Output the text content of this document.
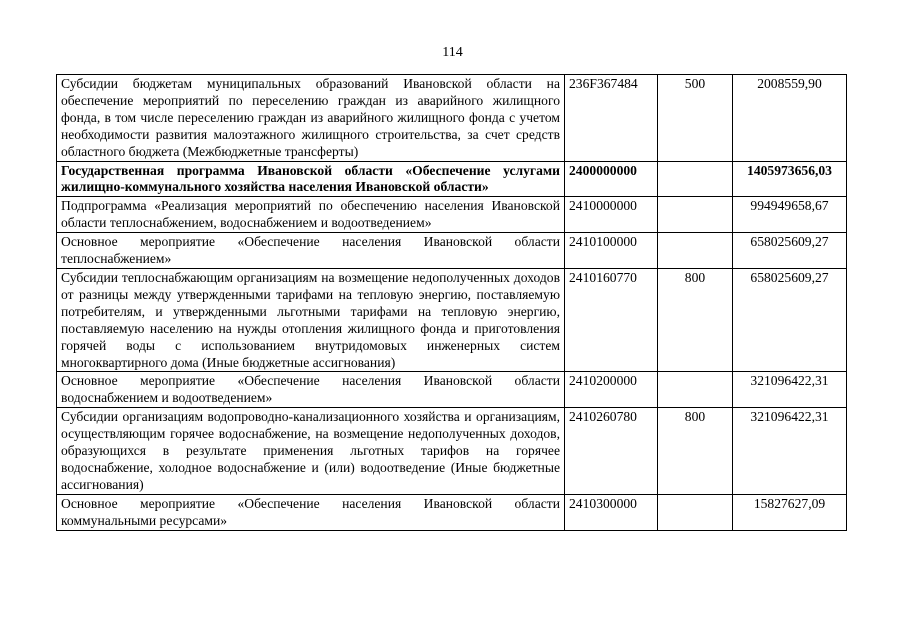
114
Субсидии бюджетам муниципальных образований Ивановской области на обеспечение мероприятий по переселению граждан из аварийного жилищного фонда, в том числе переселению граждан из аварийного жилищного фонда с учетом необходимости развития малоэтажного жилищного строительства, за счет средств областного бюджета (Межбюджетные трансферты)	236F367484	500	2008559,90
Государственная программа Ивановской области «Обеспечение услугами жилищно-коммунального хозяйства населения Ивановской области»	2400000000		1405973656,03
Подпрограмма «Реализация мероприятий по обеспечению населения Ивановской области теплоснабжением, водоснабжением и водоотведением»	2410000000		994949658,67
Основное мероприятие «Обеспечение населения Ивановской области теплоснабжением»	2410100000		658025609,27
Субсидии теплоснабжающим организациям на возмещение недополученных доходов от разницы между утвержденными тарифами на тепловую энергию, поставляемую потребителям, и утвержденными льготными тарифами на тепловую энергию, поставляемую населению на нужды отопления жилищного фонда и приготовления горячей воды с использованием внутридомовых инженерных систем многоквартирного дома (Иные бюджетные ассигнования)	2410160770	800	658025609,27
Основное мероприятие «Обеспечение населения Ивановской области водоснабжением и водоотведением»	2410200000		321096422,31
Субсидии организациям водопроводно-канализационного хозяйства и организациям, осуществляющим горячее водоснабжение, на возмещение недополученных доходов, образующихся в результате применения льготных тарифов на горячее водоснабжение, холодное водоснабжение и (или) водоотведение (Иные бюджетные ассигнования)	2410260780	800	321096422,31
Основное мероприятие «Обеспечение населения Ивановской области коммунальными ресурсами»	2410300000		15827627,09
